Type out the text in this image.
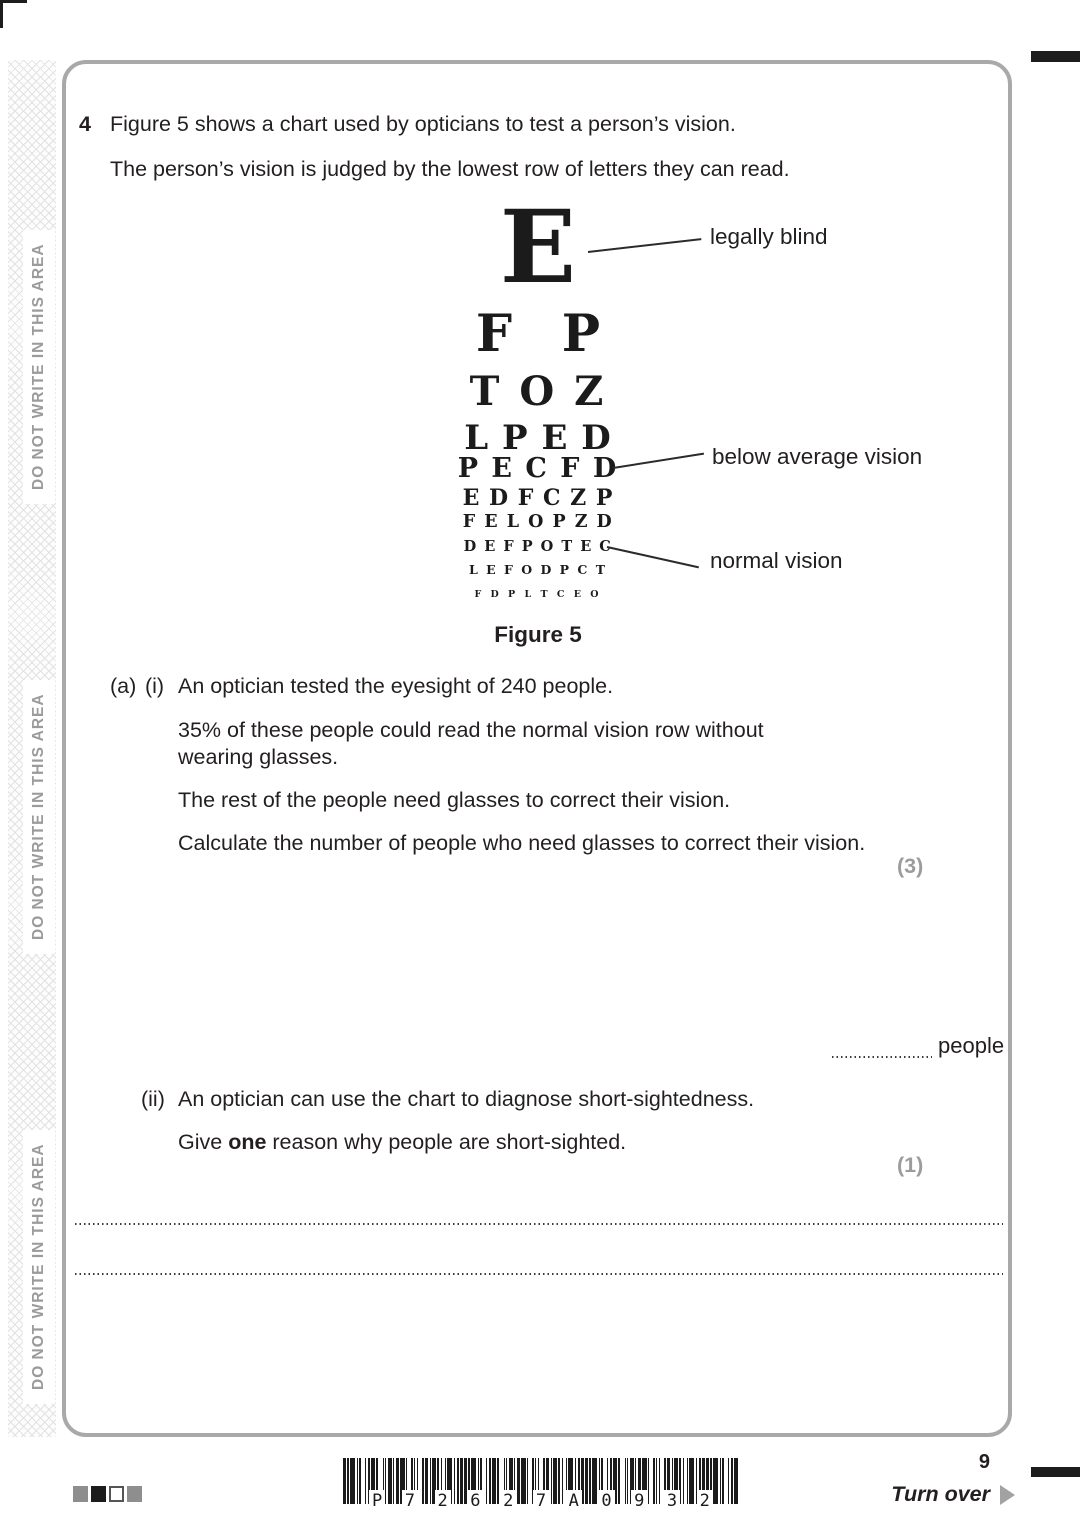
DO NOT WRITE IN THIS AREA
DO NOT WRITE IN THIS AREA
DO NOT WRITE IN THIS AREA
4 Figure 5 shows a chart used by opticians to test a person’s vision.
The person’s vision is judged by the lowest row of letters they can read.
E
F P
T O Z
L P E D
P E C F D
E D F C Z P
F E L O P Z D
D E F P O T E C
L E F O D P C T
F D P L T C E O
legally blind
below average vision
normal vision
Figure 5
(a) (i) An optician tested the eyesight of 240 people.
35% of these people could read the normal vision row without
wearing glasses.
The rest of the people need glasses to correct their vision.
Calculate the number of people who need glasses to correct their vision.
(3)
people
(ii) An optician can use the chart to diagnose short-sightedness.
Give one reason why people are short-sighted.
(1)
P 7 2 6 2 7 A 0 9 3 2
9
Turn over
